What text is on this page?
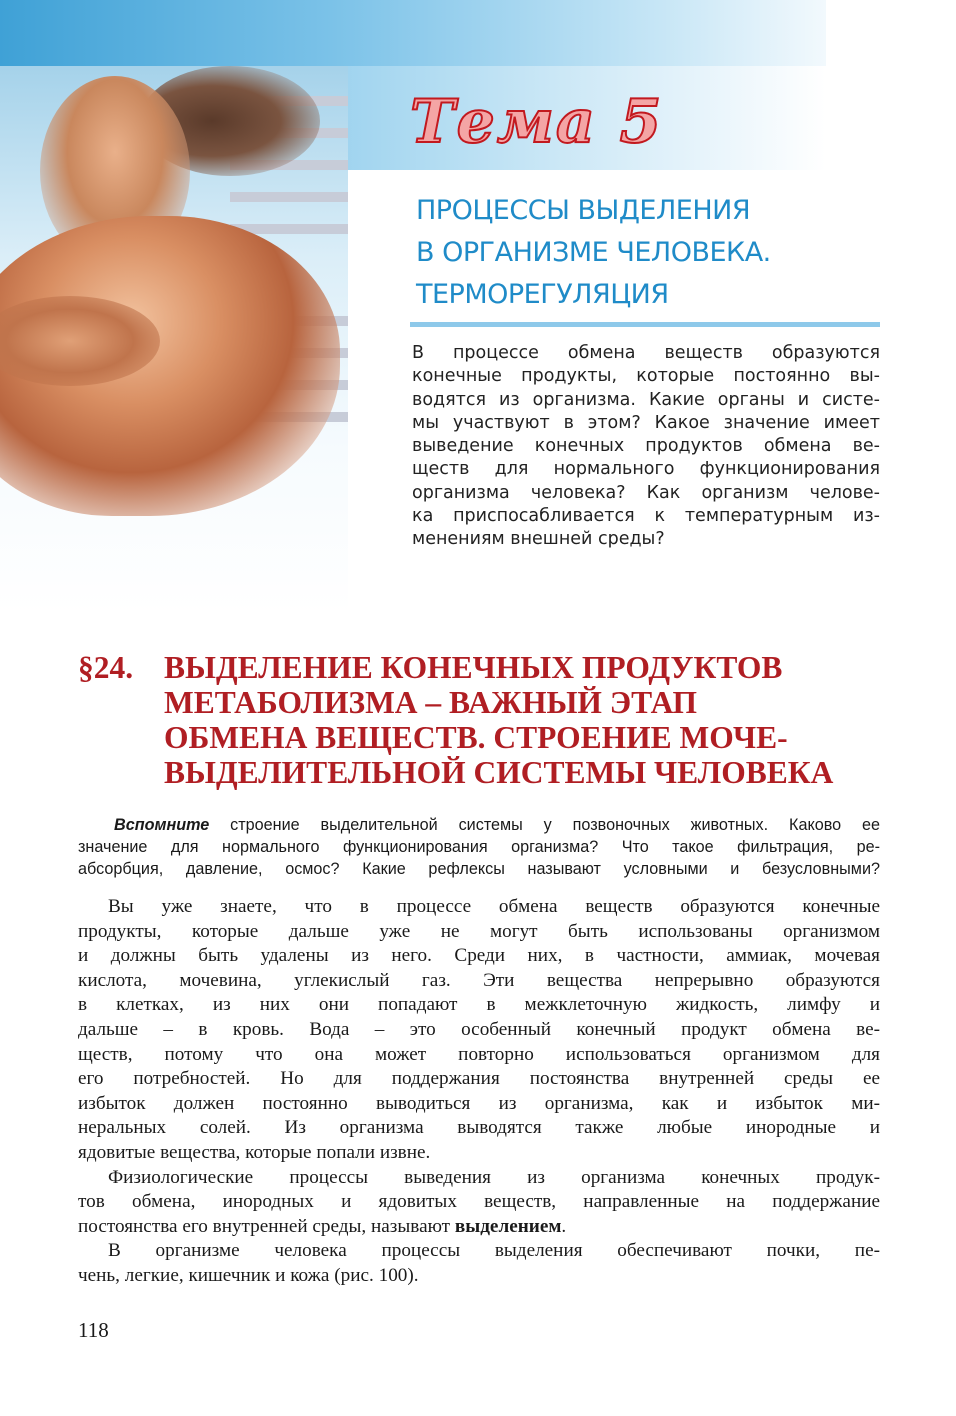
Тема 5
ПРОЦЕССЫ ВЫДЕЛЕНИЯ
В ОРГАНИЗМЕ ЧЕЛОВЕКА.
ТЕРМОРЕГУЛЯЦИЯ
В процессе обмена веществ образуются
конечные продукты, которые постоянно вы-
водятся из организма. Какие органы и систе-
мы участвуют в этом? Какое значение имеет
выведение конечных продуктов обмена ве-
ществ для нормального функционирования
организма человека? Как организм челове-
ка приспосабливается к температурным из-
менениям внешней среды?
§24. ВЫДЕЛЕНИЕ КОНЕЧНЫХ ПРОДУКТОВ
МЕТАБОЛИЗМА – ВАЖНЫЙ ЭТАП
ОБМЕНА ВЕЩЕСТВ. СТРОЕНИЕ МОЧЕ-
ВЫДЕЛИТЕЛЬНОЙ СИСТЕМЫ ЧЕЛОВЕКА
Вспомните строение выделительной системы у позвоночных животных. Каково ее
значение для нормального функционирования организма? Что такое фильтрация, ре-
абсорбция, давление, осмос? Какие рефлексы называют условными и безусловными?
Вы уже знаете, что в процессе обмена веществ образуются конечные
продукты, которые дальше уже не могут быть использованы организмом
и должны быть удалены из него. Среди них, в частности, аммиак, мочевая
кислота, мочевина, углекислый газ. Эти вещества непрерывно образуются
в клетках, из них они попадают в межклеточную жидкость, лимфу и
дальше – в кровь. Вода – это особенный конечный продукт обмена ве-
ществ, потому что она может повторно использоваться организмом для
его потребностей. Но для поддержания постоянства внутренней среды ее
избыток должен постоянно выводиться из организма, как и избыток ми-
неральных солей. Из организма выводятся также любые инородные и
ядовитые вещества, которые попали извне.
Физиологические процессы выведения из организма конечных продук-
тов обмена, инородных и ядовитых веществ, направленные на поддержание
постоянства его внутренней среды, называют выделением.
В организме человека процессы выделения обеспечивают почки, пе-
чень, легкие, кишечник и кожа (рис. 100).
118
